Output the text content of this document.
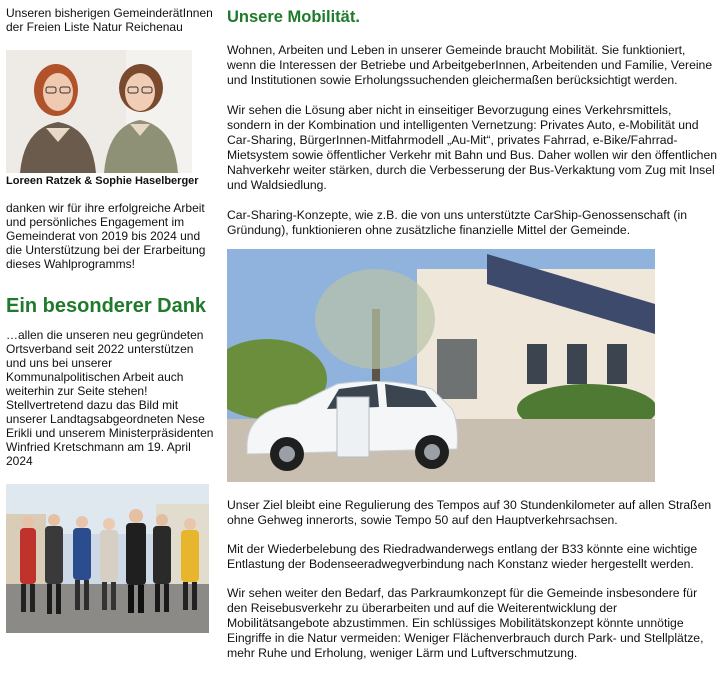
Unseren bisherigen GemeinderätInnen der Freien Liste Natur Reichenau

Loreen Ratzek & Sophie Haselberger

danken wir für ihre erfolgreiche Arbeit und persönliches Engagement im Gemeinderat von 2019 bis 2024 und die Unterstützung bei der Erarbeitung dieses Wahlprogramms!

Ein besonderer Dank

…allen die unseren neu gegründeten Ortsverband seit 2022 unterstützen und uns bei unserer Kommunalpolitischen Arbeit auch weiterhin zur Seite stehen! Stellvertretend dazu das Bild mit unserer Landtagsabgeordneten Nese Erikli und unserem Ministerpräsidenten Winfried Kretschmann am 19. April 2024

Unsere Mobilität.

Wohnen, Arbeiten und Leben in unserer Gemeinde braucht Mobilität. Sie funktioniert, wenn die Interessen der Betriebe und ArbeitgeberInnen, Arbeitenden und Familie, Vereine und Institutionen sowie Erholungssuchenden gleichermaßen berücksichtigt werden.

Wir sehen die Lösung aber nicht in einseitiger Bevorzugung eines Verkehrsmittels, sondern in der Kombination und intelligenten Vernetzung: Privates Auto, e-Mobilität und Car-Sharing, BürgerInnen-Mitfahrmodell „Au-Mit“, privates Fahrrad, e-Bike/Fahrrad-Mietsystem sowie öffentlicher Verkehr mit Bahn und Bus. Daher wollen wir den öffentlichen Nahverkehr weiter stärken, durch die Verbesserung der Bus-Verkaktung vom Zug mit Insel und Waldsiedlung.

Car-Sharing-Konzepte, wie z.B. die von uns unterstützte CarShip-Genossenschaft (in Gründung), funktionieren ohne zusätzliche finanzielle Mittel der Gemeinde.

Unser Ziel bleibt eine Regulierung des Tempos auf 30 Stundenkilometer auf allen Straßen ohne Gehweg innerorts, sowie Tempo 50 auf den Hauptverkehrsachsen.

Mit der Wiederbelebung des Riedradwanderwegs entlang der B33 könnte eine wichtige Entlastung der Bodenseeradwegverbindung nach Konstanz wieder hergestellt werden.

Wir sehen weiter den Bedarf, das Parkraumkonzept für die Gemeinde insbesondere für den Reisebusverkehr zu überarbeiten und auf die Weiterentwicklung der Mobilitätsangebote abzustimmen. Ein schlüssiges Mobilitätskonzept könnte unnötige Eingriffe in die Natur vermeiden: Weniger Flächenverbrauch durch Park- und Stellplätze, mehr Ruhe und Erholung, weniger Lärm und Luftverschmutzung.
